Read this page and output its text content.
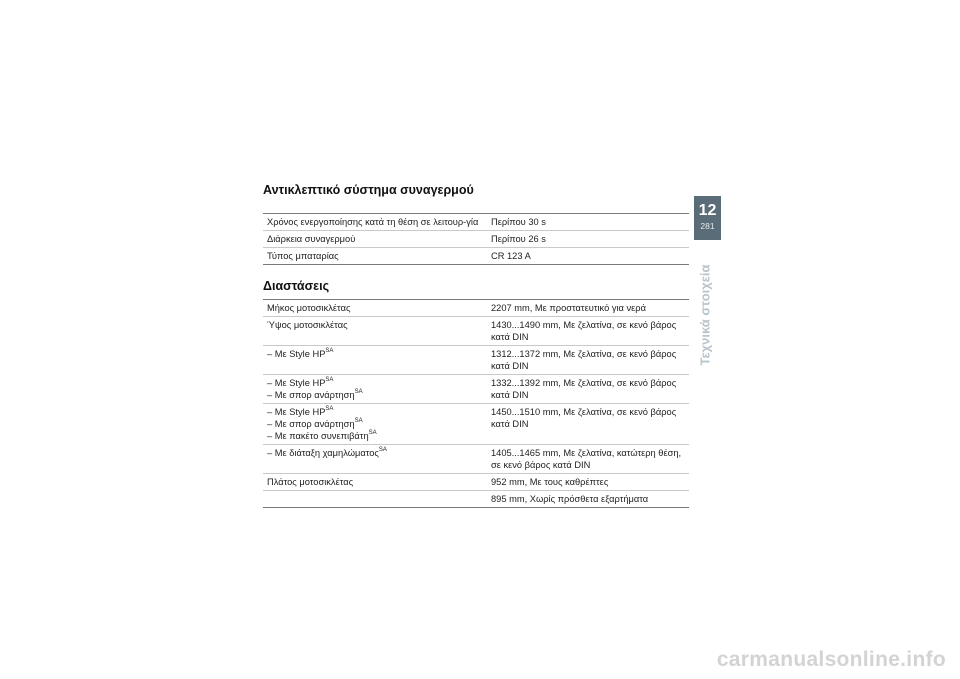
Αντικλεπτικό σύστημα συναγερμού
Χρόνος ενεργοποίησης κατά τη θέση σε λειτουρ-γία	Περίπου 30 s
Διάρκεια συναγερμού	Περίπου 26 s
Τύπος μπαταρίας	CR 123 A
Διαστάσεις
Μήκος μοτοσικλέτας	2207 mm, Με προστατευτικό για νερά
Ύψος μοτοσικλέτας	1430...1490 mm, Με ζελατίνα, σε κενό βάρος κατά DIN

– Με Style $HP^{SA}$	1312...1372 mm, Με ζελατίνα, σε κενό βάρος κατά DIN

– Με Style $HP^{SA}$
– Με σπορ ανάρτηση$^{SA}$	1332...1392 mm, Με ζελατίνα, σε κενό βάρος κατά DIN

– Με Style $HP^{SA}$
– Με σπορ ανάρτηση$^{SA}$
– Με πακέτο συνεπιβάτη$^{SA}$	1450...1510 mm, Με ζελατίνα, σε κενό βάρος κατά DIN

– Με διάταξη χαμηλώματος$^{SA}$	1405...1465 mm, Με ζελατίνα, κατώτερη θέση, σε κενό βάρος κατά DIN
Πλάτος μοτοσικλέτας	952 mm, Με τους καθρέπτες
	895 mm, Χωρίς πρόσθετα εξαρτήματα
12
281
Τεχνικά στοιχεία
carmanualsonline.info
